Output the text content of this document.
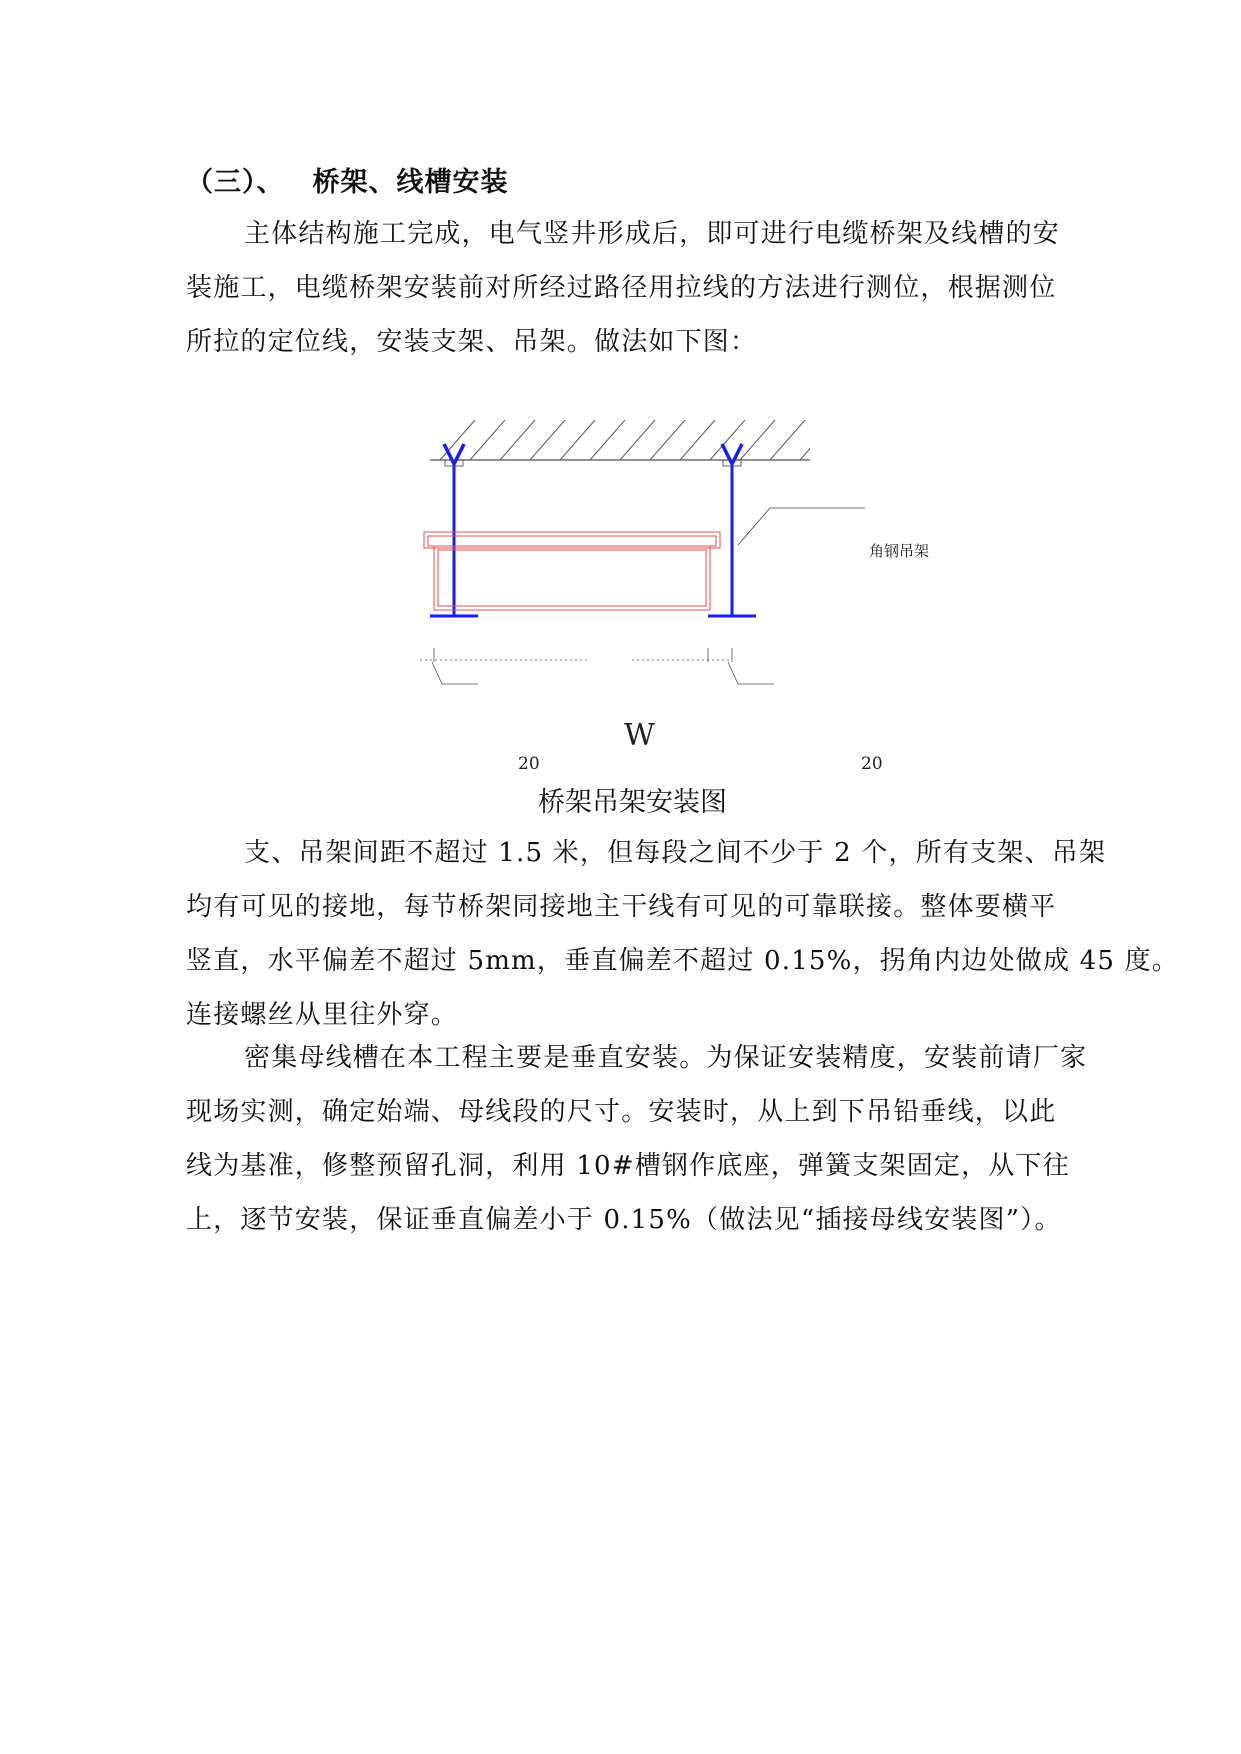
（三）、 桥架、线槽安装
主体结构施工完成，电气竖井形成后，即可进行电缆桥架及线槽的安
装施工，电缆桥架安装前对所经过路径用拉线的方法进行测位，根据测位
所拉的定位线，安装支架、吊架。做法如下图：
角钢吊架
W
20	20
桥架吊架安装图
支、吊架间距不超过 1.5 米，但每段之间不少于 2 个，所有支架、吊架
均有可见的接地，每节桥架同接地主干线有可见的可靠联接。整体要横平
竖直，水平偏差不超过 5mm，垂直偏差不超过 0.15%，拐角内边处做成 45 度。
连接螺丝从里往外穿。
密集母线槽在本工程主要是垂直安装。为保证安装精度，安装前请厂家
现场实测，确定始端、母线段的尺寸。安装时，从上到下吊铅垂线，以此
线为基准，修整预留孔洞，利用 10#槽钢作底座，弹簧支架固定，从下往
上，逐节安装，保证垂直偏差小于 0.15%（做法见“插接母线安装图”）。
